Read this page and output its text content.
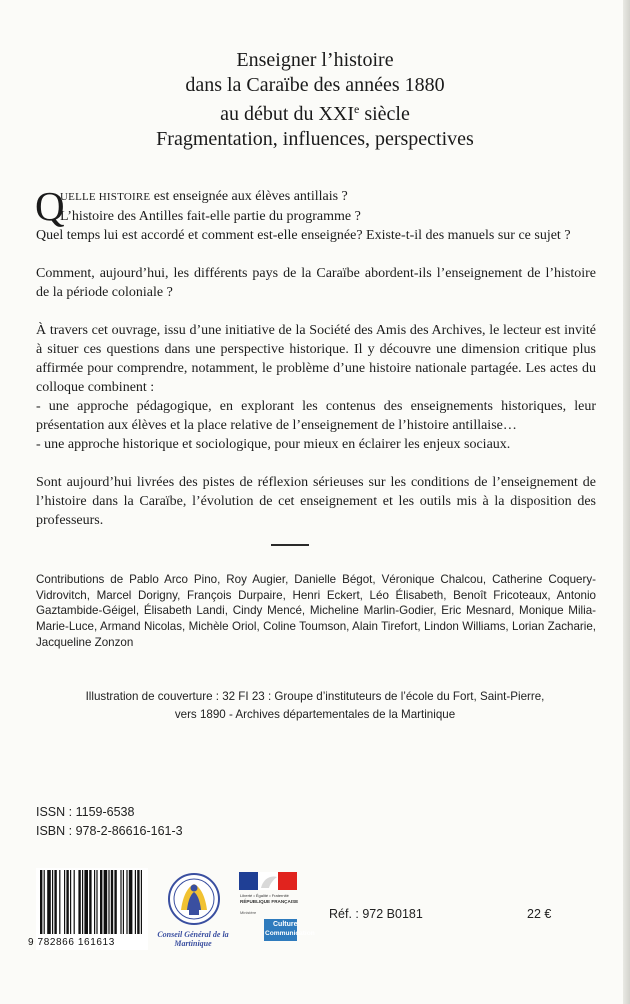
Enseigner l’histoire
dans la Caraïbe des années 1880
au début du XXIe siècle
Fragmentation, influences, perspectives

Q
UELLE HISTOIRE est enseignée aux élèves antillais ?
L’histoire des Antilles fait-elle partie du programme ?
Quel temps lui est accordé et comment est-elle enseignée? Existe-t-il des manuels sur ce sujet ?

Comment, aujourd’hui, les différents pays de la Caraïbe abordent-ils l’enseignement de l’histoire de la période coloniale ?

À travers cet ouvrage, issu d’une initiative de la Société des Amis des Archives, le lecteur est invité à situer ces questions dans une perspective historique. Il y découvre une dimension critique plus affirmée pour comprendre, notamment, le problème d’une histoire nationale partagée. Les actes du colloque combinent :
- une approche pédagogique, en explorant les contenus des enseignements historiques, leur présentation aux élèves et la place relative de l’enseignement de l’histoire antillaise…
- une approche historique et sociologique, pour mieux en éclairer les enjeux sociaux.

Sont aujourd’hui livrées des pistes de réflexion sérieuses sur les conditions de l’enseignement de l’histoire dans la Caraïbe, l’évolution de cet enseignement et les outils mis à la disposition des professeurs.

Contributions de Pablo Arco Pino, Roy Augier, Danielle Bégot, Véronique Chalcou, Catherine Coquery-Vidrovitch, Marcel Dorigny, François Durpaire, Henri Eckert, Léo Élisabeth, Benoît Fricoteaux, Antonio Gaztambide-Géigel, Élisabeth Landi, Cindy Mencé, Micheline Marlin-Godier, Eric Mesnard, Monique Milia-Marie-Luce, Armand Nicolas, Michèle Oriol, Coline Toumson, Alain Tirefort, Lindon Williams, Lorian Zacharie, Jacqueline Zonzon
Illustration de couverture : 32 FI 23 : Groupe d’instituteurs de l’école du Fort, Saint-Pierre,
vers 1890 - Archives départementales de la Martinique
ISSN : 1159-6538
ISBN : 978-2-86616-161-3
9 782866 161613
Conseil Général de la Martinique
Liberté • Égalité • Fraternité
RÉPUBLIQUE FRANÇAISE
Ministère
Culture
Communication
Réf. : 972 B0181	22 €
